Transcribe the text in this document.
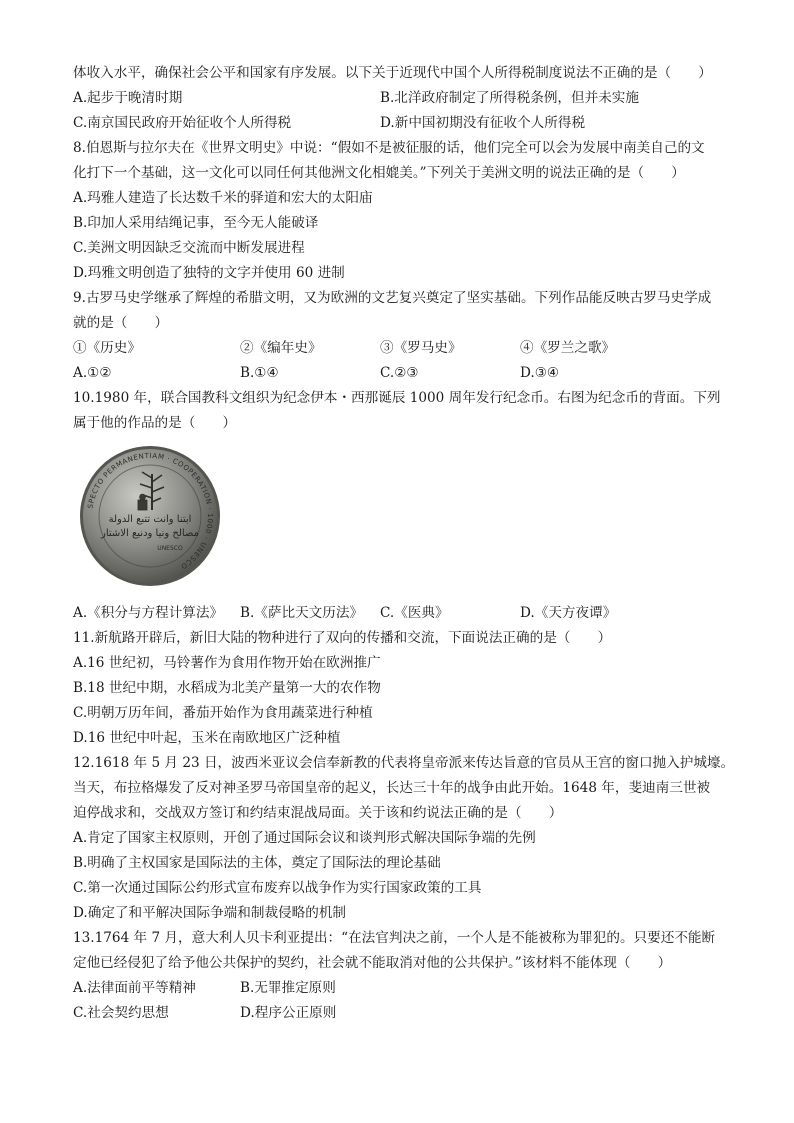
体收入水平，确保社会公平和国家有序发展。以下关于近现代中国个人所得税制度说法不正确的是（　　）
A.起步于晚清时期	B.北洋政府制定了所得税条例，但并未实施
C.南京国民政府开始征收个人所得税	D.新中国初期没有征收个人所得税
8.伯恩斯与拉尔夫在《世界文明史》中说：“假如不是被征服的话，他们完全可以会为发展中南美自己的文
化打下一个基础，这一文化可以同任何其他洲文化相媲美。”下列关于美洲文明的说法正确的是（　　）
A.玛雅人建造了长达数千米的驿道和宏大的太阳庙
B.印加人采用结绳记事，至今无人能破译
C.美洲文明因缺乏交流而中断发展进程
D.玛雅文明创造了独特的文字并使用 60 进制
9.古罗马史学继承了辉煌的希腊文明，又为欧洲的文艺复兴奠定了坚实基础。下列作品能反映古罗马史学成
就的是（　　）
①《历史》	②《编年史》	③《罗马史》	④《罗兰之歌》
A.①②	B.①④	C.②③	D.③④
10.1980 年，联合国教科文组织为纪念伊本・西那诞辰 1000 周年发行纪念币。右图为纪念币的背面。下列
属于他的作品的是（　　）
SPECTO PERMANENTIAM · COOPERATION · 1000 · UNESCO
ابتنا وانت تتبع الدولة
مصالح ونيا ودنيع الاشتار
UNESCO
A.《积分与方程计算法》 B.《萨比天文历法》 C.《医典》	D.《天方夜谭》
11.新航路开辟后，新旧大陆的物种进行了双向的传播和交流，下面说法正确的是（　　）
A.16 世纪初，马铃薯作为食用作物开始在欧洲推广
B.18 世纪中期，水稻成为北美产量第一大的农作物
C.明朝万历年间，番茄开始作为食用蔬菜进行种植
D.16 世纪中叶起，玉米在南欧地区广泛种植
12.1618 年 5 月 23 日，波西米亚议会信奉新教的代表将皇帝派来传达旨意的官员从王宫的窗口抛入护城壕。
当天，布拉格爆发了反对神圣罗马帝国皇帝的起义，长达三十年的战争由此开始。1648 年，斐迪南三世被
迫停战求和，交战双方签订和约结束混战局面。关于该和约说法正确的是（　　）
A.肯定了国家主权原则，开创了通过国际会议和谈判形式解决国际争端的先例
B.明确了主权国家是国际法的主体，奠定了国际法的理论基础
C.第一次通过国际公约形式宣布废弃以战争作为实行国家政策的工具
D.确定了和平解决国际争端和制裁侵略的机制
13.1764 年 7 月，意大利人贝卡利亚提出：“在法官判决之前，一个人是不能被称为罪犯的。只要还不能断
定他已经侵犯了给予他公共保护的契约，社会就不能取消对他的公共保护。”该材料不能体现（　　）
A.法律面前平等精神	B.无罪推定原则
C.社会契约思想	D.程序公正原则
